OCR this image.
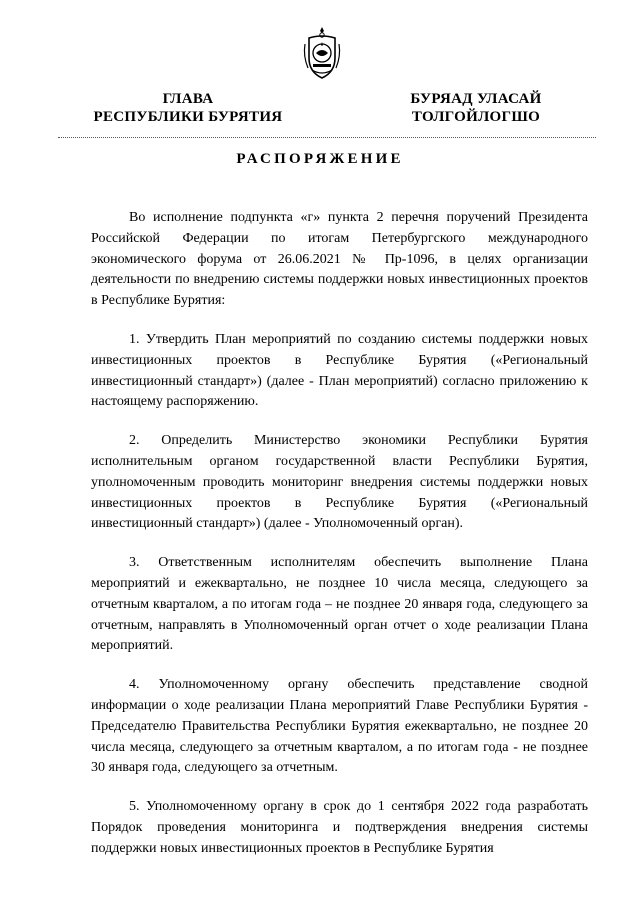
ГЛАВА
РЕСПУБЛИКИ БУРЯТИЯ
БУРЯАД УЛАСАЙ
ТОЛГОЙЛОГШО
РАСПОРЯЖЕНИЕ

Во исполнение подпункта «г» пункта 2 перечня поручений Президента Российской Федерации по итогам Петербургского международного экономического форума от 26.06.2021 № Пр-1096, в целях организации деятельности по внедрению системы поддержки новых инвестиционных проектов в Республике Бурятия:

1. Утвердить План мероприятий по созданию системы поддержки новых инвестиционных проектов в Республике Бурятия («Региональный инвестиционный стандарт») (далее - План мероприятий) согласно приложению к настоящему распоряжению.

2. Определить Министерство экономики Республики Бурятия исполнительным органом государственной власти Республики Бурятия, уполномоченным проводить мониторинг внедрения системы поддержки новых инвестиционных проектов в Республике Бурятия («Региональный инвестиционный стандарт») (далее - Уполномоченный орган).

3. Ответственным исполнителям обеспечить выполнение Плана мероприятий и ежеквартально, не позднее 10 числа месяца, следующего за отчетным кварталом, а по итогам года – не позднее 20 января года, следующего за отчетным, направлять в Уполномоченный орган отчет о ходе реализации Плана мероприятий.

4. Уполномоченному органу обеспечить представление сводной информации о ходе реализации Плана мероприятий Главе Республики Бурятия - Председателю Правительства Республики Бурятия ежеквартально, не позднее 20 числа месяца, следующего за отчетным кварталом, а по итогам года - не позднее 30 января года, следующего за отчетным.

5. Уполномоченному органу в срок до 1 сентября 2022 года разработать Порядок проведения мониторинга и подтверждения внедрения системы поддержки новых инвестиционных проектов в Республике Бурятия
